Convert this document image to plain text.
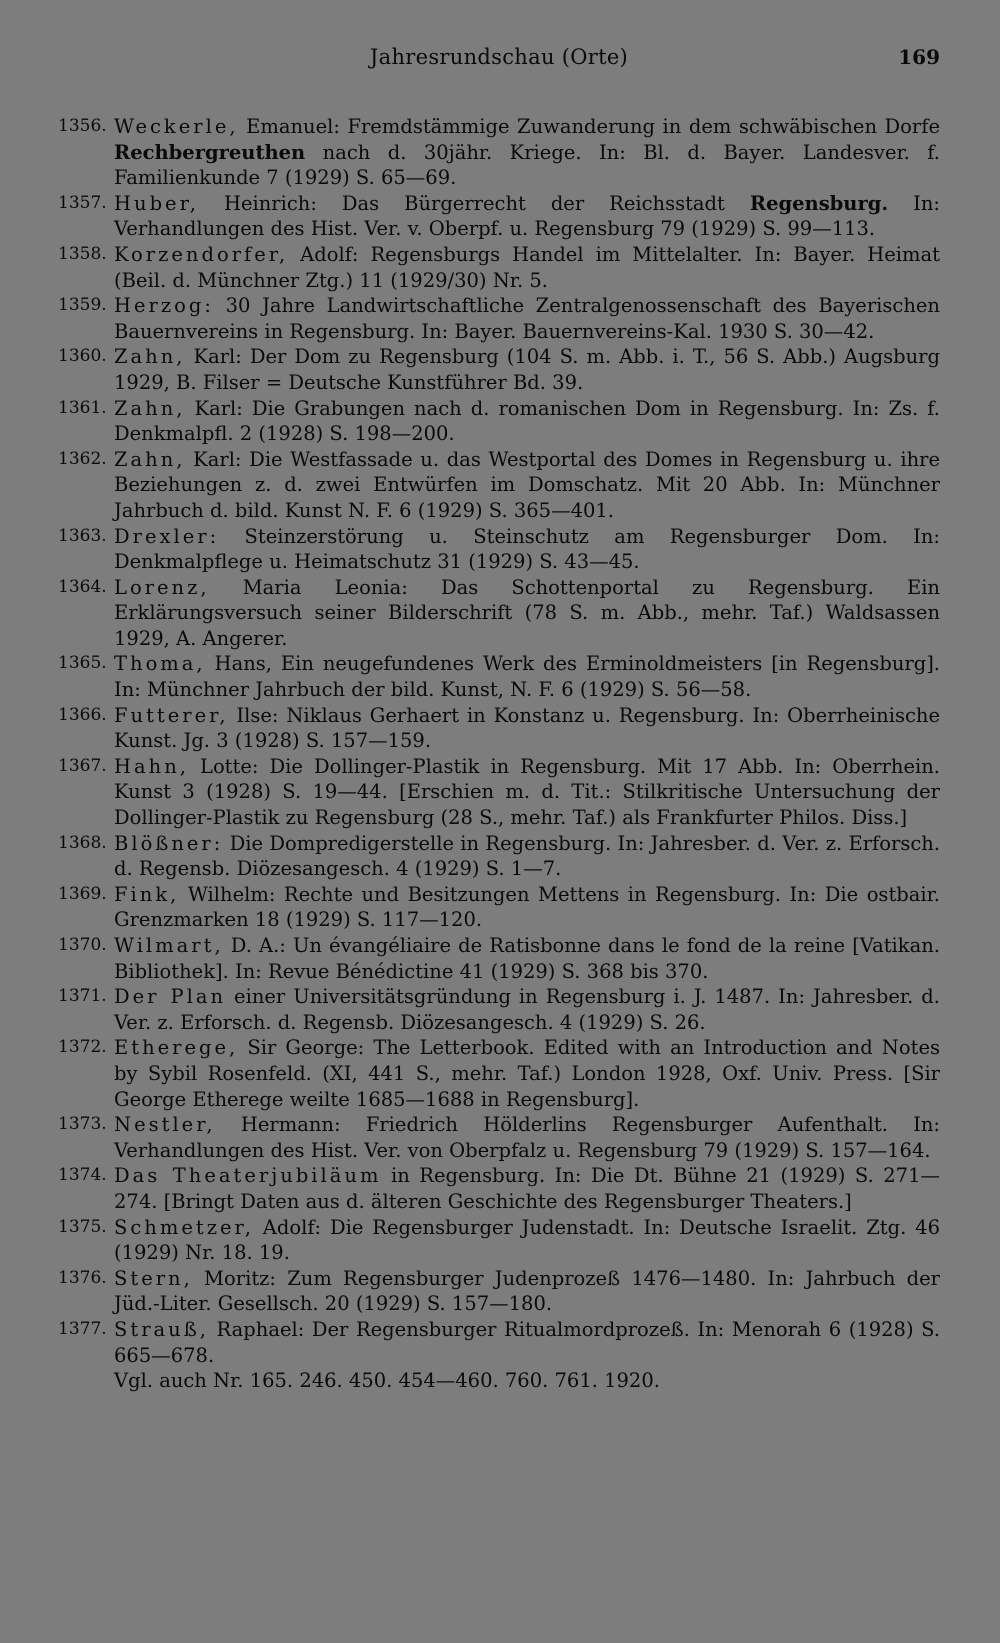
Jahresrundschau (Orte)	169
1356. Weckerle, Emanuel: Fremdstämmige Zuwanderung in dem schwäbischen Dorfe Rechbergreuthen nach d. 30jähr. Kriege. In: Bl. d. Bayer. Landesver. f. Familienkunde 7 (1929) S. 65—69.
1357. Huber, Heinrich: Das Bürgerrecht der Reichsstadt Regensburg. In: Verhandlungen des Hist. Ver. v. Oberpf. u. Regensburg 79 (1929) S. 99—113.
1358. Korzendorfer, Adolf: Regensburgs Handel im Mittelalter. In: Bayer. Heimat (Beil. d. Münchner Ztg.) 11 (1929/30) Nr. 5.
1359. Herzog: 30 Jahre Landwirtschaftliche Zentralgenossenschaft des Bayerischen Bauernvereins in Regensburg. In: Bayer. Bauernvereins-Kal. 1930 S. 30—42.
1360. Zahn, Karl: Der Dom zu Regensburg (104 S. m. Abb. i. T., 56 S. Abb.) Augsburg 1929, B. Filser = Deutsche Kunstführer Bd. 39.
1361. Zahn, Karl: Die Grabungen nach d. romanischen Dom in Regensburg. In: Zs. f. Denkmalpfl. 2 (1928) S. 198—200.
1362. Zahn, Karl: Die Westfassade u. das Westportal des Domes in Regensburg u. ihre Beziehungen z. d. zwei Entwürfen im Domschatz. Mit 20 Abb. In: Münchner Jahrbuch d. bild. Kunst N. F. 6 (1929) S. 365—401.
1363. Drexler: Steinzerstörung u. Steinschutz am Regensburger Dom. In: Denkmalpflege u. Heimatschutz 31 (1929) S. 43—45.
1364. Lorenz, Maria Leonia: Das Schottenportal zu Regensburg. Ein Erklärungsversuch seiner Bilderschrift (78 S. m. Abb., mehr. Taf.) Waldsassen 1929, A. Angerer.
1365. Thoma, Hans, Ein neugefundenes Werk des Erminoldmeisters [in Regensburg]. In: Münchner Jahrbuch der bild. Kunst, N. F. 6 (1929) S. 56—58.
1366. Futterer, Ilse: Niklaus Gerhaert in Konstanz u. Regensburg. In: Oberrheinische Kunst. Jg. 3 (1928) S. 157—159.
1367. Hahn, Lotte: Die Dollinger-Plastik in Regensburg. Mit 17 Abb. In: Oberrhein. Kunst 3 (1928) S. 19—44. [Erschien m. d. Tit.: Stilkritische Untersuchung der Dollinger-Plastik zu Regensburg (28 S., mehr. Taf.) als Frankfurter Philos. Diss.]
1368. Blößner: Die Dompredigerstelle in Regensburg. In: Jahresber. d. Ver. z. Erforsch. d. Regensb. Diözesangesch. 4 (1929) S. 1—7.
1369. Fink, Wilhelm: Rechte und Besitzungen Mettens in Regensburg. In: Die ostbair. Grenzmarken 18 (1929) S. 117—120.
1370. Wilmart, D. A.: Un évangéliaire de Ratisbonne dans le fond de la reine [Vatikan. Bibliothek]. In: Revue Bénédictine 41 (1929) S. 368 bis 370.
1371. Der Plan einer Universitätsgründung in Regensburg i. J. 1487. In: Jahresber. d. Ver. z. Erforsch. d. Regensb. Diözesangesch. 4 (1929) S. 26.
1372. Etherege, Sir George: The Letterbook. Edited with an Introduction and Notes by Sybil Rosenfeld. (XI, 441 S., mehr. Taf.) London 1928, Oxf. Univ. Press. [Sir George Etherege weilte 1685—1688 in Regensburg].
1373. Nestler, Hermann: Friedrich Hölderlins Regensburger Aufenthalt. In: Verhandlungen des Hist. Ver. von Oberpfalz u. Regensburg 79 (1929) S. 157—164.
1374. Das Theaterjubiläum in Regensburg. In: Die Dt. Bühne 21 (1929) S. 271—274. [Bringt Daten aus d. älteren Geschichte des Regensburger Theaters.]
1375. Schmetzer, Adolf: Die Regensburger Judenstadt. In: Deutsche Israelit. Ztg. 46 (1929) Nr. 18. 19.
1376. Stern, Moritz: Zum Regensburger Judenprozeß 1476—1480. In: Jahrbuch der Jüd.-Liter. Gesellsch. 20 (1929) S. 157—180.
1377. Strauß, Raphael: Der Regensburger Ritualmordprozeß. In: Menorah 6 (1928) S. 665—678.
Vgl. auch Nr. 165. 246. 450. 454—460. 760. 761. 1920.
